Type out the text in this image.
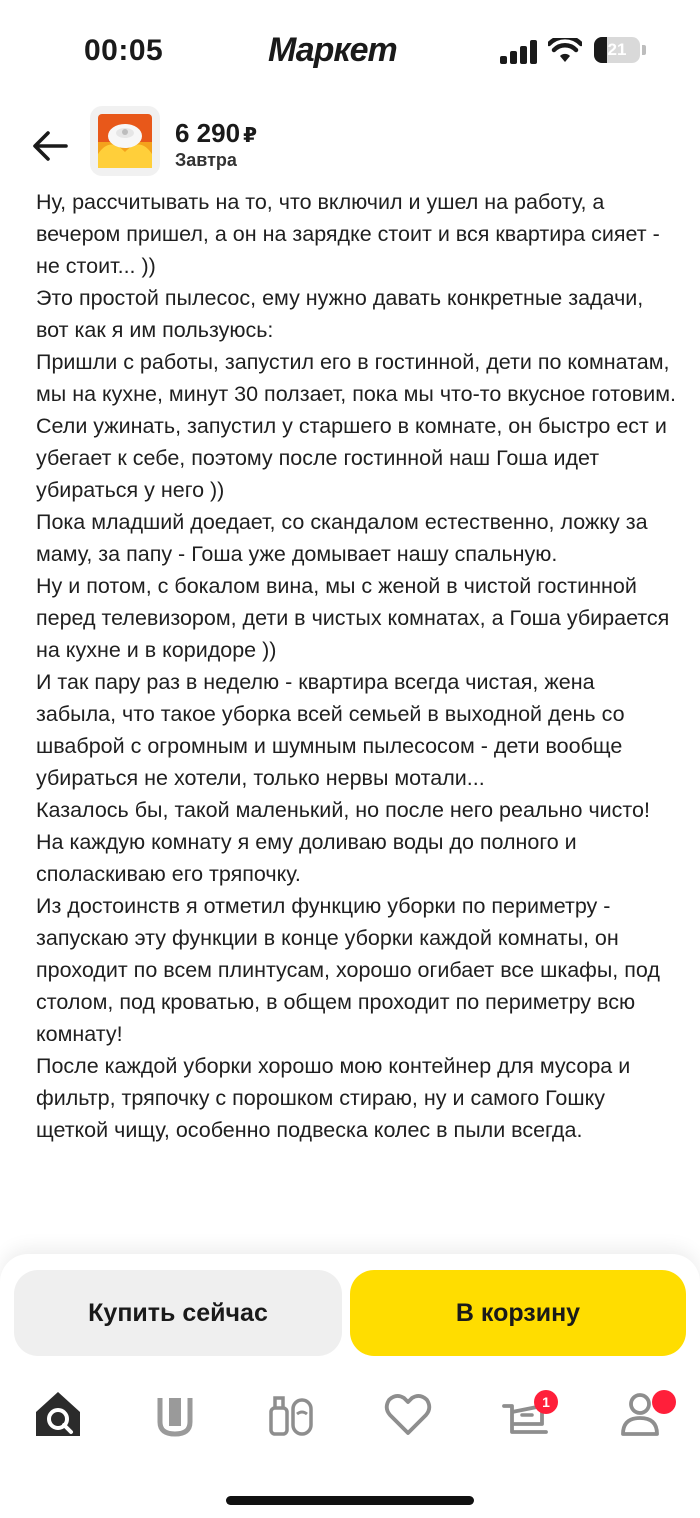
00:05	Маркет	21
6 290 ₽
Завтра

Ну, рассчитывать на то, что включил и ушел на работу, а вечером пришел, а он на зарядке стоит и вся квартира сияет - не стоит... ))

Это простой пылесос, ему нужно давать конкретные задачи, вот как я им пользуюсь:

Пришли с работы, запустил его в гостинной, дети по комнатам, мы на кухне, минут 30 ползает, пока мы что-то вкусное готовим.

Сели ужинать, запустил у старшего в комнате, он быстро ест и убегает к себе, поэтому после гостинной наш Гоша идет убираться у него ))

Пока младший доедает, со скандалом естественно, ложку за маму, за папу - Гоша уже домывает нашу спальную.

Ну и потом, с бокалом вина, мы с женой в чистой гостинной перед телевизором, дети в чистых комнатах, а Гоша убирается на кухне и в коридоре ))

И так пару раз в неделю - квартира всегда чистая, жена забыла, что такое уборка всей семьей в выходной день со шваброй с огромным и шумным пылесосом - дети вообще убираться не хотели, только нервы мотали...

Казалось бы, такой маленький, но после него реально чисто!

На каждую комнату я ему доливаю воды до полного и споласкиваю его тряпочку.

Из достоинств я отметил функцию уборки по периметру - запускаю эту функции в конце уборки каждой комнаты, он проходит по всем плинтусам, хорошо огибает все шкафы, под столом, под кроватью, в общем проходит по периметру всю комнату!

После каждой уборки хорошо мою контейнер для мусора и фильтр, тряпочку с порошком стираю, ну и самого Гошку щеткой чищу, особенно подвеска колес в пыли всегда.

Купить сейчас	В корзину
1
